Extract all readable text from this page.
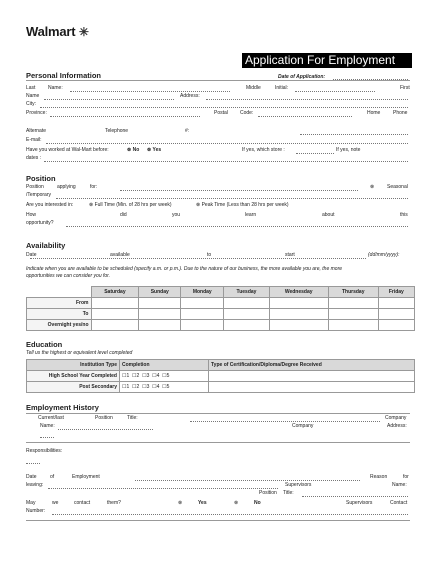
Walmart ✳
Application For Employment
Date of Application:
Personal Information
Last	Name:	Middle	Initial:	First
Name	Address:
City:
Province:	Postal Code:	Home	Phone
Alternate	Telephone	#:
E-mail:
Have you worked at Wal-Mart before:	⊗ No ⊗ Yes	If yes, which store :	If yes, note
dates :
Position
Position	applying	for:	⊗	Seasonal
/Temporary
Are you interested in:	⊗ Full Time (Min. of 28 hrs per week)	⊗ Peak Time (Less than 28 hrs per week)
How	did	you	learn	about	this
opportunity?
Availability
Date	available	to	start	(dd/mm/yyyy):
Indicate when you are available to be scheduled (specify a.m. or p.m.). Due to the nature of our business, the more available you are, the more
opportunities we can consider you for.
	Saturday	Sunday	Monday	Tuesday	Wednesday	Thursday	Friday
From							
To							
Overnight yes/no							
Education
Tell us the highest or equivalent level completed
Institution Type	Completion	Type of Certification/Diploma/Degree Received
High School Year Completed	☐1  ☐2  ☐3  ☐4  ☐5	
Post Secondary	☐1  ☐2  ☐3  ☐4  ☐5	
Employment History
Current/last	Position	Title:	Company
Name:	Company	Address:
Responsibilities:
Date	of	Employment	Reason	for
leaving:	Supervisors	Name:
Position Title:
May	we	contact	them?	⊗	Yes	⊗	No	Supervisors	Contact
Number:
